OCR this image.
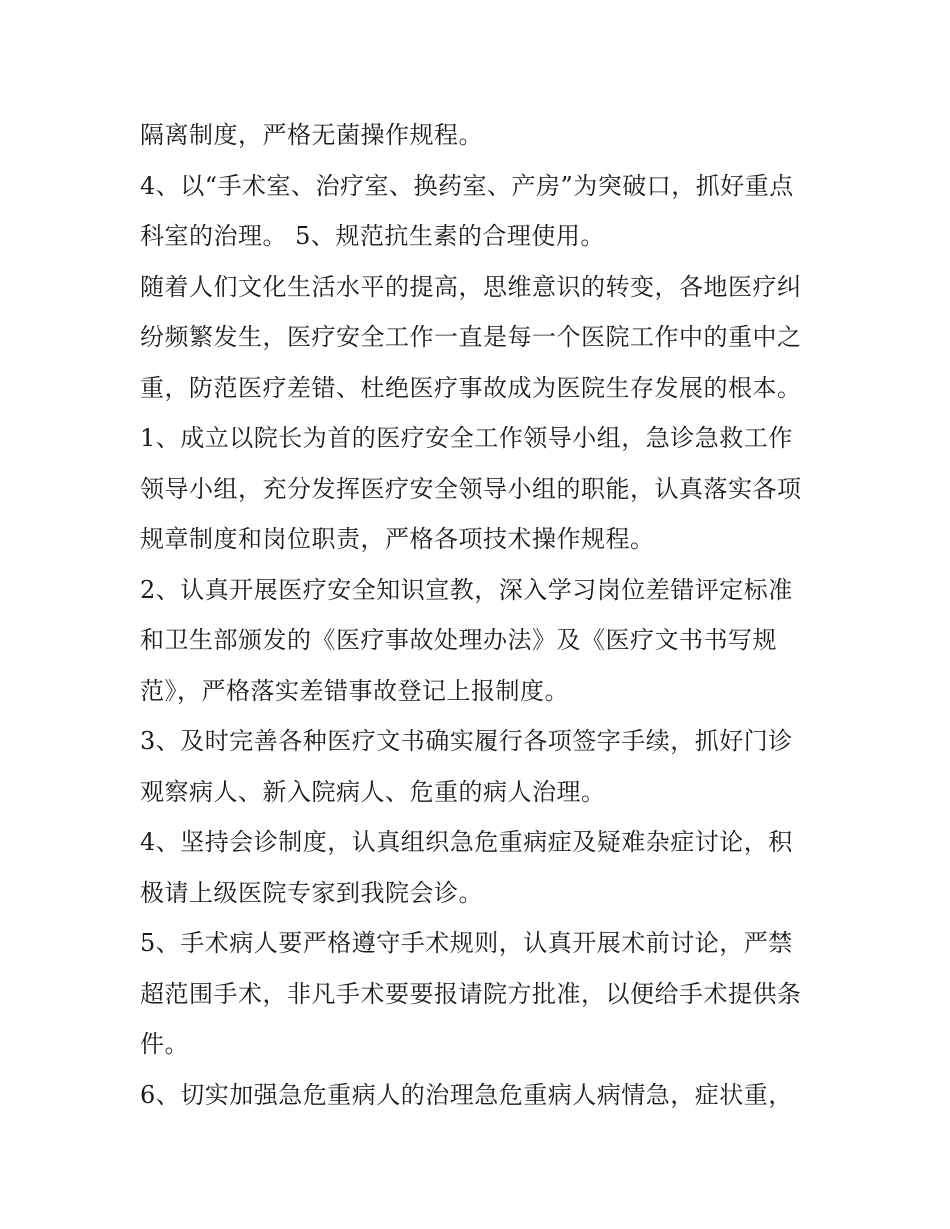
隔离制度，严格无菌操作规程。
4、以“手术室、治疗室、换药室、产房”为突破口，抓好重点
科室的治理。 5、规范抗生素的合理使用。
随着人们文化生活水平的提高，思维意识的转变，各地医疗纠
纷频繁发生，医疗安全工作一直是每一个医院工作中的重中之
重，防范医疗差错、杜绝医疗事故成为医院生存发展的根本。
1、成立以院长为首的医疗安全工作领导小组，急诊急救工作
领导小组，充分发挥医疗安全领导小组的职能，认真落实各项
规章制度和岗位职责，严格各项技术操作规程。
2、认真开展医疗安全知识宣教，深入学习岗位差错评定标准
和卫生部颁发的《医疗事故处理办法》及《医疗文书书写规
范》，严格落实差错事故登记上报制度。
3、及时完善各种医疗文书确实履行各项签字手续，抓好门诊
观察病人、新入院病人、危重的病人治理。
4、坚持会诊制度，认真组织急危重病症及疑难杂症讨论，积
极请上级医院专家到我院会诊。
5、手术病人要严格遵守手术规则，认真开展术前讨论，严禁
超范围手术，非凡手术要要报请院方批准，以便给手术提供条
件。
6、切实加强急危重病人的治理急危重病人病情急，症状重，
